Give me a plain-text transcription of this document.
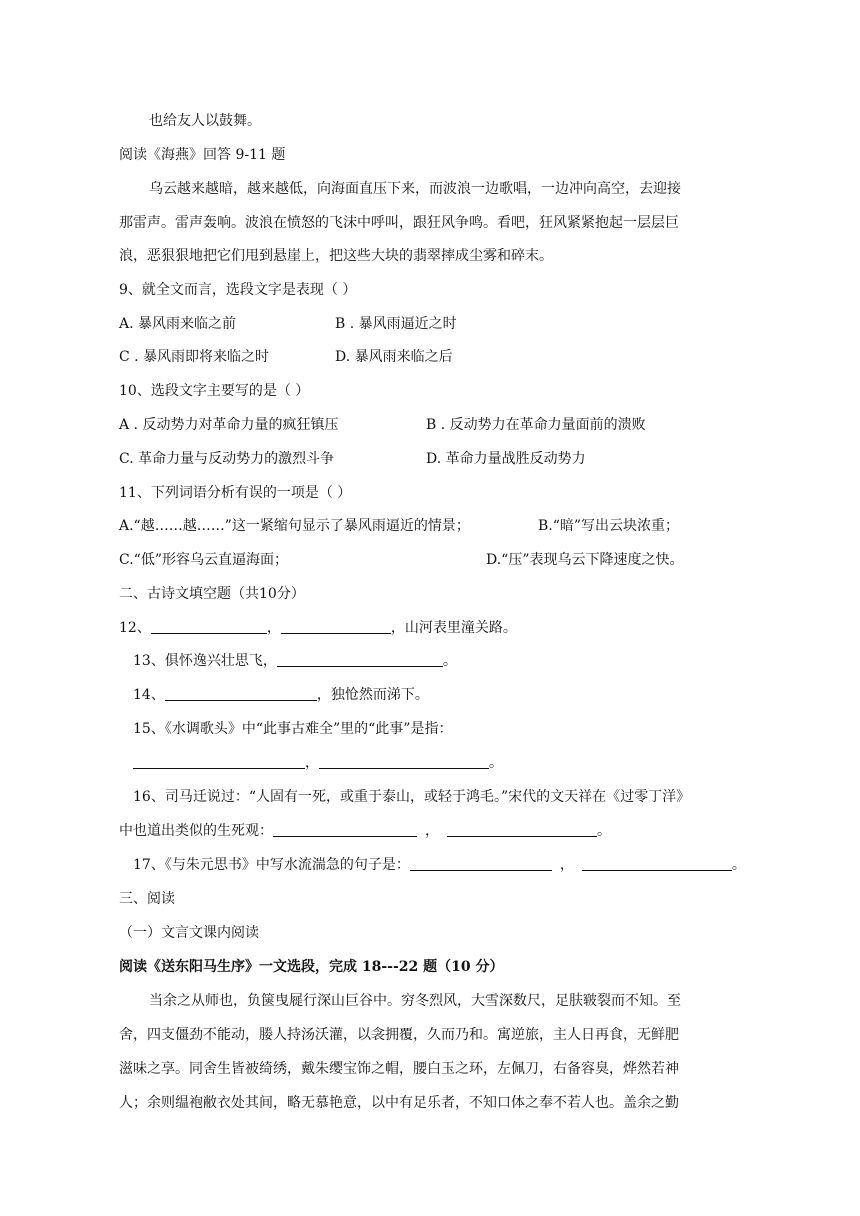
也给友人以鼓舞。
阅读《海燕》回答 9-11 题
乌云越来越暗，越来越低，向海面直压下来，而波浪一边歌唱，一边冲向高空，去迎接
那雷声。雷声轰响。波浪在愤怒的飞沫中呼叫，跟狂风争鸣。看吧，狂风紧紧抱起一层层巨
浪，恶狠狠地把它们甩到悬崖上，把这些大块的翡翠摔成尘雾和碎末。
9、就全文而言，选段文字是表现（ ）
A. 暴风雨来临之前	B . 暴风雨逼近之时
C . 暴风雨即将来临之时	D. 暴风雨来临之后
10、选段文字主要写的是（ ）
A . 反动势力对革命力量的疯狂镇压	B . 反动势力在革命力量面前的溃败
C. 革命力量与反动势力的激烈斗争	D. 革命力量战胜反动势力
11、下列词语分析有误的一项是（ ）
A.“越……越……”这一紧缩句显示了暴风雨逼近的情景；	B.“暗”写出云块浓重；
C.“低”形容乌云直逼海面；	D.“压”表现乌云下降速度之快。
二、古诗文填空题（共10分）
12、	，	，山河表里潼关路。
13、俱怀逸兴壮思飞，	。
14、	，独怆然而涕下。
15、《水调歌头》中“此事古难全”里的“此事”是指：
，	。
16、司马迁说过：“人固有一死，或重于泰山，或轻于鸿毛。”宋代的文天祥在《过零丁洋》
中也道出类似的生死观：	，	。
17、《与朱元思书》中写水流湍急的句子是：	，	。
三、阅读
（一）文言文课内阅读
阅读《送东阳马生序》一文选段，完成 18---22 题（10 分）
当余之从师也，负箧曳屣行深山巨谷中。穷冬烈风，大雪深数尺，足肤皲裂而不知。至
舍，四支僵劲不能动，媵人持汤沃灌，以衾拥覆，久而乃和。寓逆旅，主人日再食，无鲜肥
滋味之享。同舍生皆被绮绣，戴朱缨宝饰之帽，腰白玉之环，左佩刀，右备容臭，烨然若神
人；余则缊袍敝衣处其间，略无慕艳意，以中有足乐者，不知口体之奉不若人也。盖余之勤
